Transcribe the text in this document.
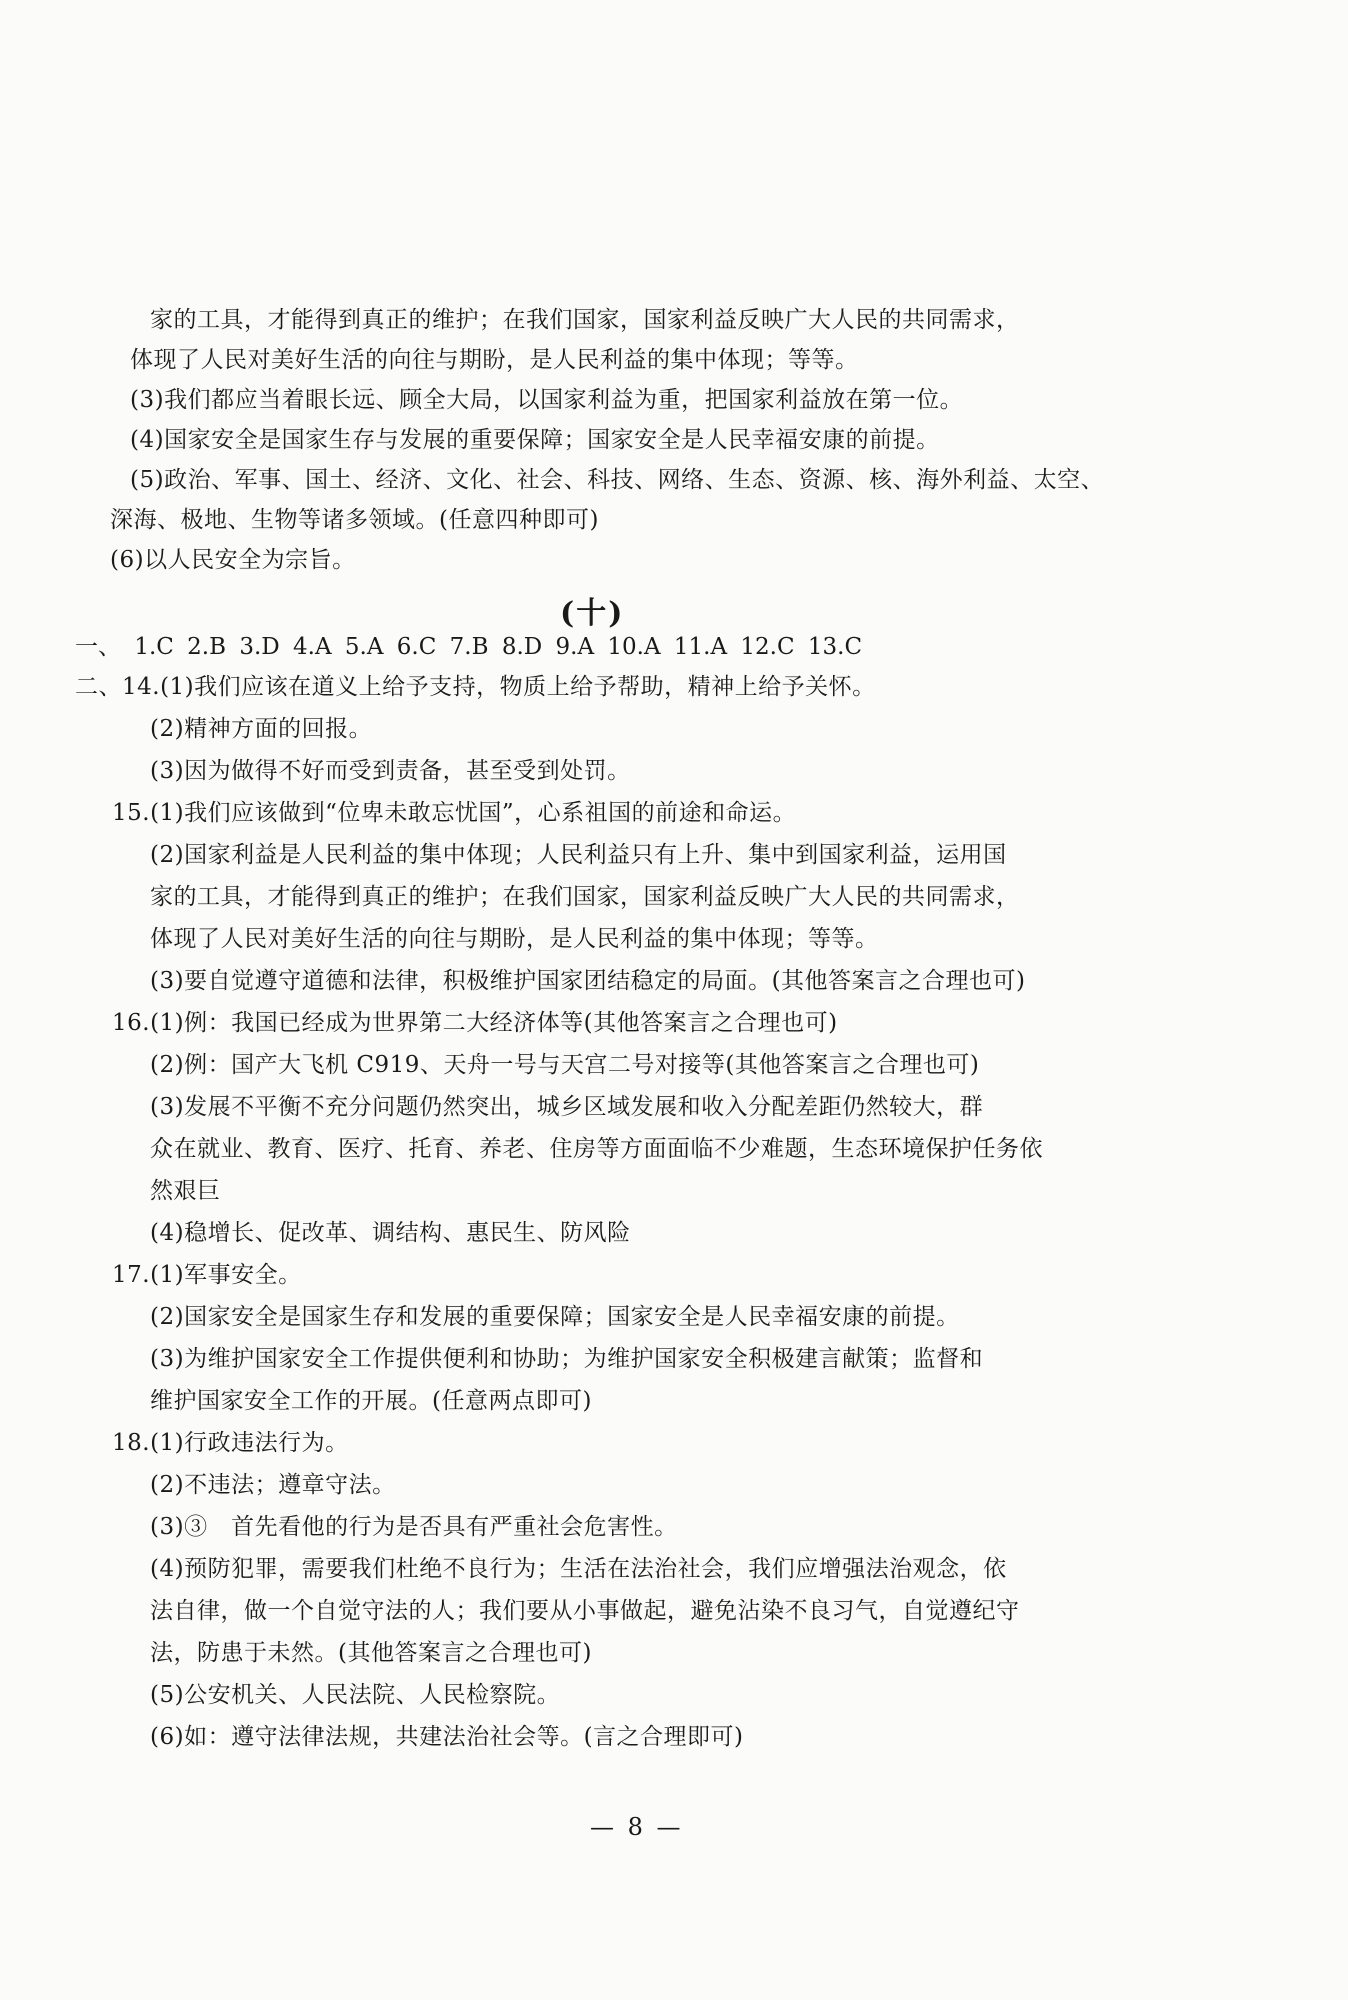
家的工具，才能得到真正的维护；在我们国家，国家利益反映广大人民的共同需求，
体现了人民对美好生活的向往与期盼，是人民利益的集中体现；等等。
(3)我们都应当着眼长远、顾全大局，以国家利益为重，把国家利益放在第一位。
(4)国家安全是国家生存与发展的重要保障；国家安全是人民幸福安康的前提。
(5)政治、军事、国土、经济、文化、社会、科技、网络、生态、资源、核、海外利益、太空、
深海、极地、生物等诸多领域。(任意四种即可)
(6)以人民安全为宗旨。
(十)
一、 1.C 2.B 3.D 4.A 5.A 6.C 7.B 8.D 9.A 10.A 11.A 12.C 13.C
二、14.(1)我们应该在道义上给予支持，物质上给予帮助，精神上给予关怀。
(2)精神方面的回报。
(3)因为做得不好而受到责备，甚至受到处罚。
15.(1)我们应该做到“位卑未敢忘忧国”，心系祖国的前途和命运。
(2)国家利益是人民利益的集中体现；人民利益只有上升、集中到国家利益，运用国
家的工具，才能得到真正的维护；在我们国家，国家利益反映广大人民的共同需求，
体现了人民对美好生活的向往与期盼，是人民利益的集中体现；等等。
(3)要自觉遵守道德和法律，积极维护国家团结稳定的局面。(其他答案言之合理也可)
16.(1)例：我国已经成为世界第二大经济体等(其他答案言之合理也可)
(2)例：国产大飞机 C919、天舟一号与天宫二号对接等(其他答案言之合理也可)
(3)发展不平衡不充分问题仍然突出，城乡区域发展和收入分配差距仍然较大，群
众在就业、教育、医疗、托育、养老、住房等方面面临不少难题，生态环境保护任务依
然艰巨
(4)稳增长、促改革、调结构、惠民生、防风险
17.(1)军事安全。
(2)国家安全是国家生存和发展的重要保障；国家安全是人民幸福安康的前提。
(3)为维护国家安全工作提供便利和协助；为维护国家安全积极建言献策；监督和
维护国家安全工作的开展。(任意两点即可)
18.(1)行政违法行为。
(2)不违法；遵章守法。
(3)③　首先看他的行为是否具有严重社会危害性。
(4)预防犯罪，需要我们杜绝不良行为；生活在法治社会，我们应增强法治观念，依
法自律，做一个自觉守法的人；我们要从小事做起，避免沾染不良习气，自觉遵纪守
法，防患于未然。(其他答案言之合理也可)
(5)公安机关、人民法院、人民检察院。
(6)如：遵守法律法规，共建法治社会等。(言之合理即可)
— 8 —
